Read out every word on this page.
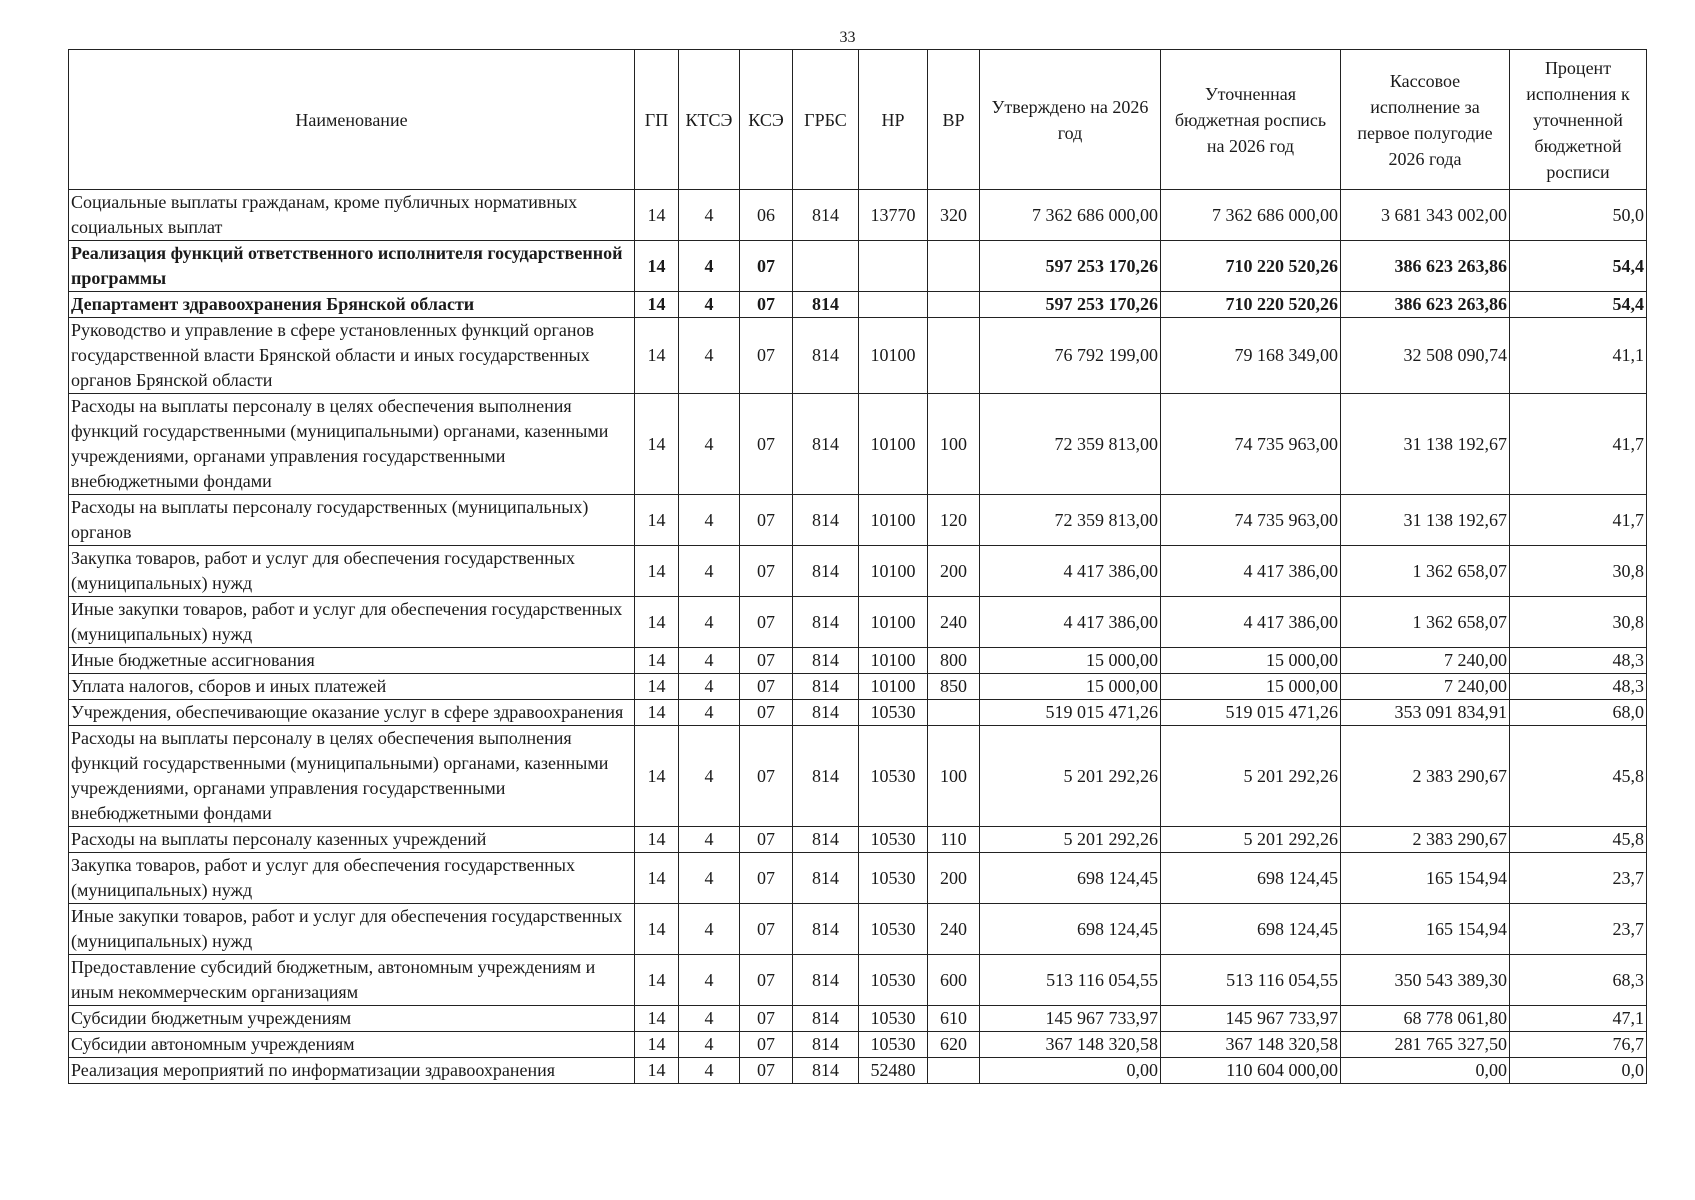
33
Наименование	ГП	КТСЭ	КСЭ	ГРБС	НР	ВР	Утверждено на 2026 год	Уточненная бюджетная роспись на 2026 год	Кассовое исполнение за первое полугодие 2026 года	Процент исполнения к уточненной бюджетной росписи
Социальные выплаты гражданам, кроме публичных нормативных социальных выплат	14	4	06	814	13770	320	7 362 686 000,00	7 362 686 000,00	3 681 343 002,00	50,0
Реализация функций ответственного исполнителя государственной программы	14	4	07				597 253 170,26	710 220 520,26	386 623 263,86	54,4
Департамент здравоохранения Брянской области	14	4	07	814			597 253 170,26	710 220 520,26	386 623 263,86	54,4
Руководство и управление в сфере установленных функций органов государственной власти Брянской области и иных государственных органов Брянской области	14	4	07	814	10100		76 792 199,00	79 168 349,00	32 508 090,74	41,1
Расходы на выплаты персоналу в целях обеспечения выполнения функций государственными (муниципальными) органами, казенными учреждениями, органами управления государственными внебюджетными фондами	14	4	07	814	10100	100	72 359 813,00	74 735 963,00	31 138 192,67	41,7
Расходы на выплаты персоналу государственных (муниципальных) органов	14	4	07	814	10100	120	72 359 813,00	74 735 963,00	31 138 192,67	41,7
Закупка товаров, работ и услуг для обеспечения государственных (муниципальных) нужд	14	4	07	814	10100	200	4 417 386,00	4 417 386,00	1 362 658,07	30,8
Иные закупки товаров, работ и услуг для обеспечения государственных (муниципальных) нужд	14	4	07	814	10100	240	4 417 386,00	4 417 386,00	1 362 658,07	30,8
Иные бюджетные ассигнования	14	4	07	814	10100	800	15 000,00	15 000,00	7 240,00	48,3
Уплата налогов, сборов и иных платежей	14	4	07	814	10100	850	15 000,00	15 000,00	7 240,00	48,3
Учреждения, обеспечивающие оказание услуг в сфере здравоохранения	14	4	07	814	10530		519 015 471,26	519 015 471,26	353 091 834,91	68,0
Расходы на выплаты персоналу в целях обеспечения выполнения функций государственными (муниципальными) органами, казенными учреждениями, органами управления государственными внебюджетными фондами	14	4	07	814	10530	100	5 201 292,26	5 201 292,26	2 383 290,67	45,8
Расходы на выплаты персоналу казенных учреждений	14	4	07	814	10530	110	5 201 292,26	5 201 292,26	2 383 290,67	45,8
Закупка товаров, работ и услуг для обеспечения государственных (муниципальных) нужд	14	4	07	814	10530	200	698 124,45	698 124,45	165 154,94	23,7
Иные закупки товаров, работ и услуг для обеспечения государственных (муниципальных) нужд	14	4	07	814	10530	240	698 124,45	698 124,45	165 154,94	23,7
Предоставление субсидий бюджетным, автономным учреждениям и иным некоммерческим организациям	14	4	07	814	10530	600	513 116 054,55	513 116 054,55	350 543 389,30	68,3
Субсидии бюджетным учреждениям	14	4	07	814	10530	610	145 967 733,97	145 967 733,97	68 778 061,80	47,1
Субсидии автономным учреждениям	14	4	07	814	10530	620	367 148 320,58	367 148 320,58	281 765 327,50	76,7
Реализация мероприятий по информатизации здравоохранения	14	4	07	814	52480		0,00	110 604 000,00	0,00	0,0
